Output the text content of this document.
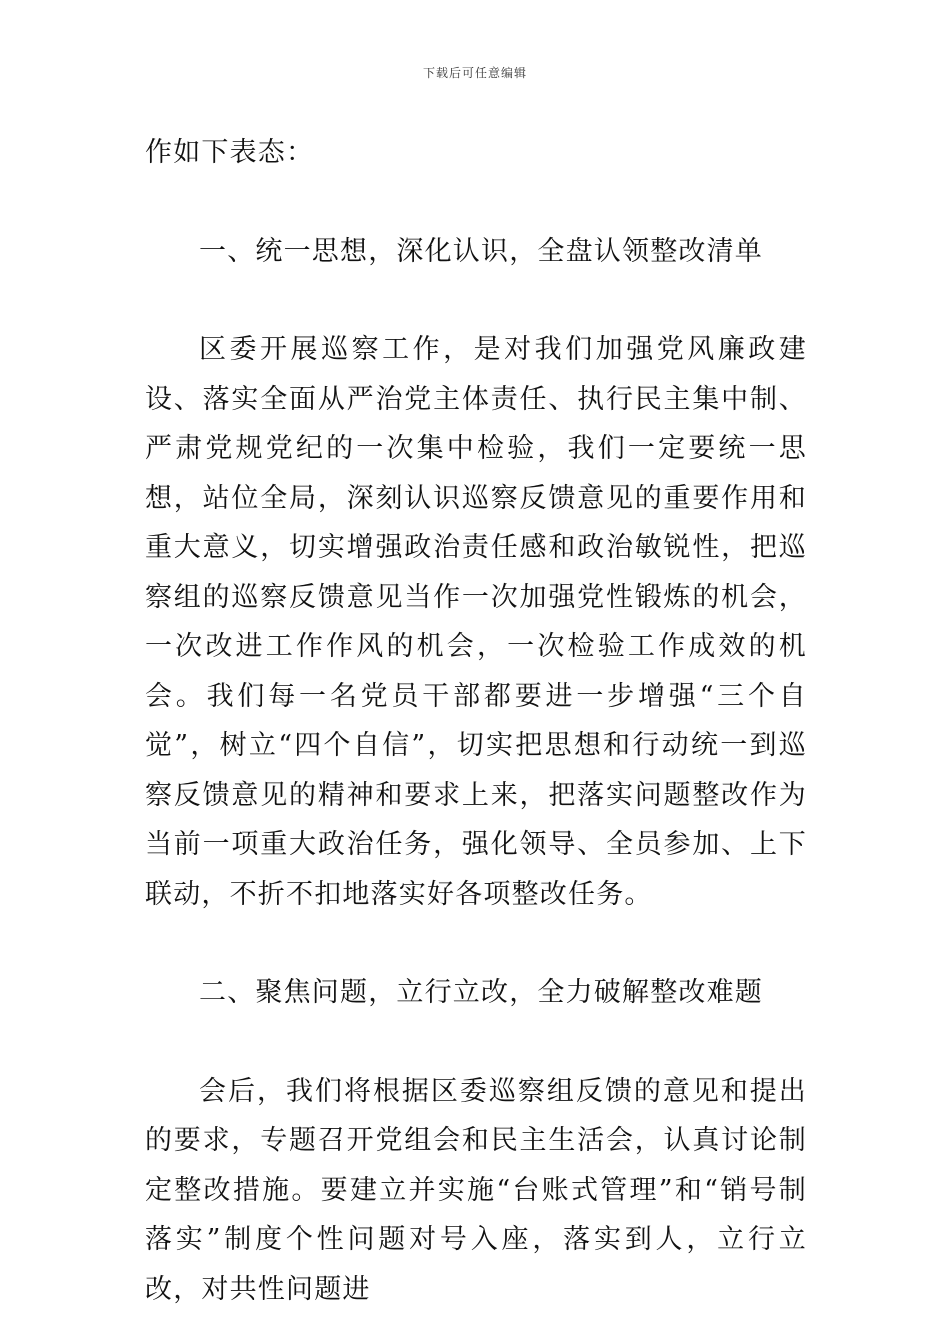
下载后可任意编辑

作如下表态：

一、统一思想，深化认识，全盘认领整改清单

区委开展巡察工作，是对我们加强党风廉政建设、落实全面从严治党主体责任、执行民主集中制、严肃党规党纪的一次集中检验，我们一定要统一思想，站位全局，深刻认识巡察反馈意见的重要作用和重大意义，切实增强政治责任感和政治敏锐性，把巡察组的巡察反馈意见当作一次加强党性锻炼的机会，一次改进工作作风的机会，一次检验工作成效的机会。我们每一名党员干部都要进一步增强“三个自觉”，树立“四个自信”，切实把思想和行动统一到巡察反馈意见的精神和要求上来，把落实问题整改作为当前一项重大政治任务，强化领导、全员参加、上下联动，不折不扣地落实好各项整改任务。

二、聚焦问题，立行立改，全力破解整改难题

会后，我们将根据区委巡察组反馈的意见和提出的要求，专题召开党组会和民主生活会，认真讨论制定整改措施。要建立并实施“台账式管理”和“销号制落实”制度个性问题对号入座，落实到人，立行立改，对共性问题进
